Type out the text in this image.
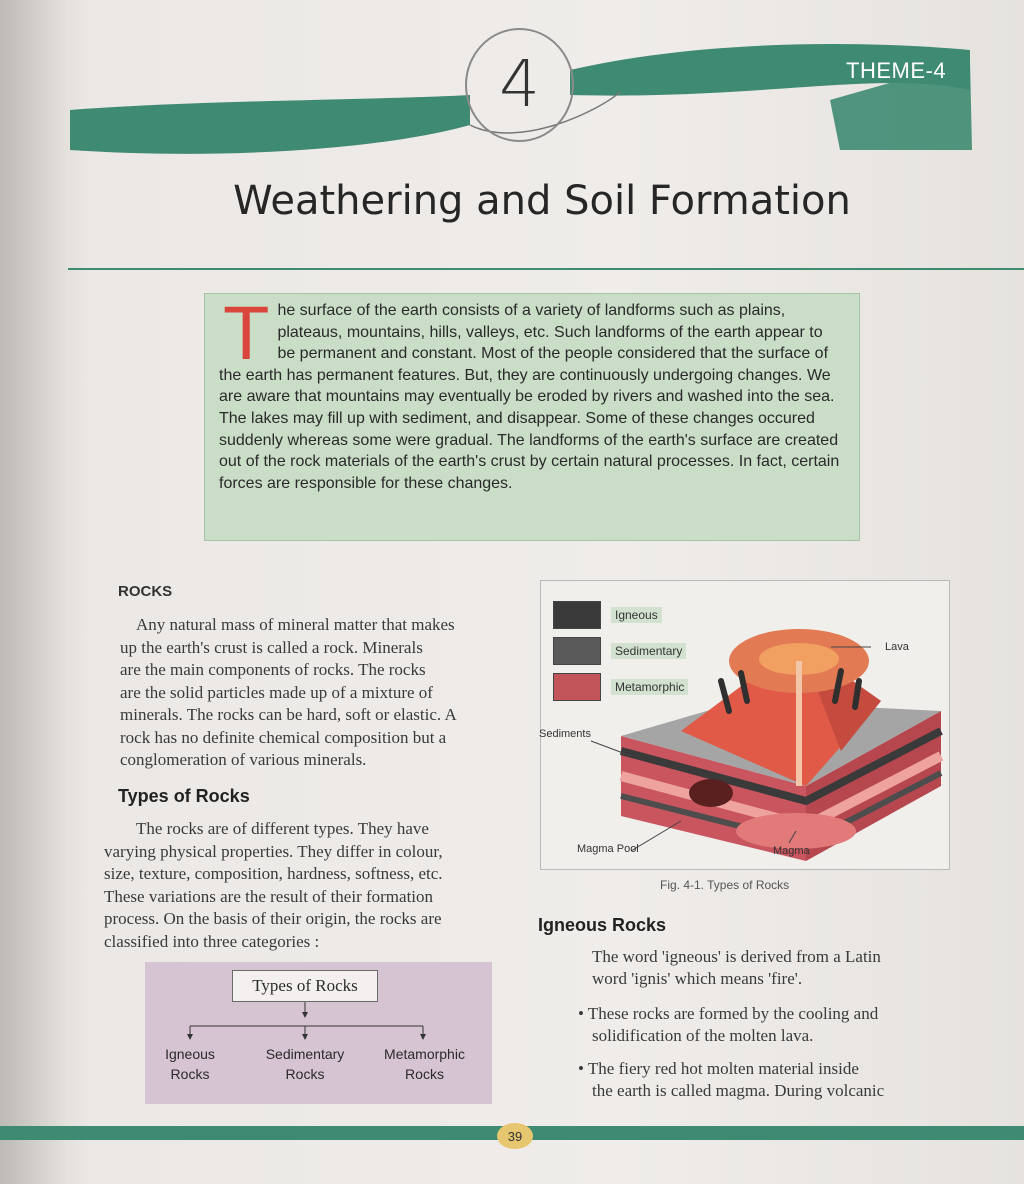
4	THEME-4
Weathering and Soil Formation
T he surface of the earth consists of a variety of landforms such as plains, plateaus, mountains, hills, valleys, etc. Such landforms of the earth appear to be permanent and constant. Most of the people considered that the surface of the earth has permanent features. But, they are continuously undergoing changes. We are aware that mountains may eventually be eroded by rivers and washed into the sea. The lakes may fill up with sediment, and disappear. Some of these changes occured suddenly whereas some were gradual. The landforms of the earth's surface are created out of the rock materials of the earth's crust by certain natural processes. In fact, certain forces are responsible for these changes.
ROCKS
Any natural mass of mineral matter that makes
up the earth's crust is called a rock. Minerals
are the main components of rocks. The rocks
are the solid particles made up of a mixture of
minerals. The rocks can be hard, soft or elastic. A
rock has no definite chemical composition but a
conglomeration of various minerals.
Types of Rocks
The rocks are of different types. They have
varying physical properties. They differ in colour,
size, texture, composition, hardness, softness, etc.
These variations are the result of their formation
process. On the basis of their origin, the rocks are
classified into three categories :
Types of Rocks
Igneous
Rocks
Sedimentary
Rocks
Metamorphic
Rocks
Igneous
Sedimentary
Metamorphic
Lava
Sediments
Magma Pool	Magma
Fig. 4-1. Types of Rocks
Igneous Rocks
The word 'igneous' is derived from a Latin
word 'ignis' which means 'fire'.
• These rocks are formed by the cooling and
solidification of the molten lava.
• The fiery red hot molten material inside
the earth is called magma. During volcanic
39
